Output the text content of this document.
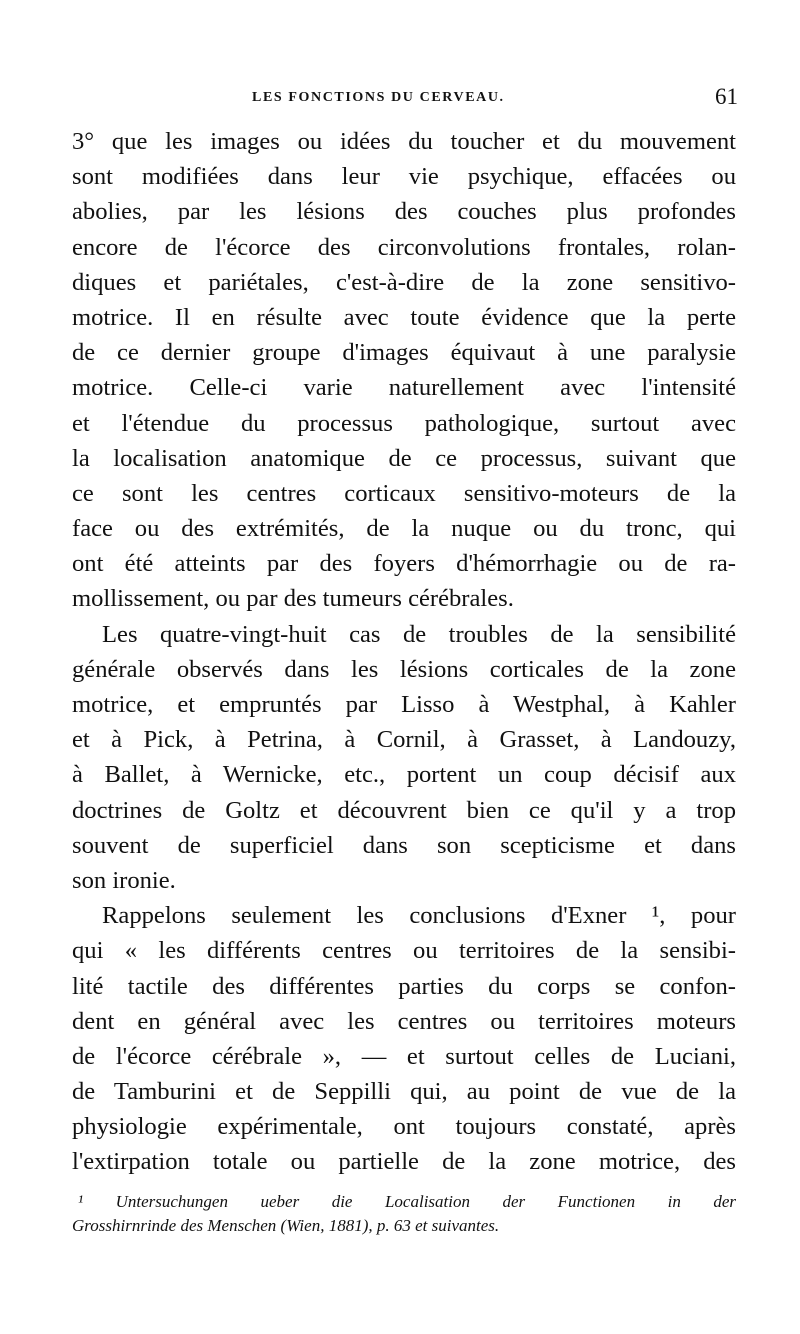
LES FONCTIONS DU CERVEAU.	61
3° que les images ou idées du toucher et du mouvement
sont modifiées dans leur vie psychique, effacées ou
abolies, par les lésions des couches plus profondes
encore de l'écorce des circonvolutions frontales, rolan-
diques et pariétales, c'est-à-dire de la zone sensitivo-
motrice. Il en résulte avec toute évidence que la perte
de ce dernier groupe d'images équivaut à une paralysie
motrice. Celle-ci varie naturellement avec l'intensité
et l'étendue du processus pathologique, surtout avec
la localisation anatomique de ce processus, suivant que
ce sont les centres corticaux sensitivo-moteurs de la
face ou des extrémités, de la nuque ou du tronc, qui
ont été atteints par des foyers d'hémorrhagie ou de ra-
mollissement, ou par des tumeurs cérébrales.
Les quatre-vingt-huit cas de troubles de la sensibilité
générale observés dans les lésions corticales de la zone
motrice, et empruntés par Lisso à Westphal, à Kahler
et à Pick, à Petrina, à Cornil, à Grasset, à Landouzy,
à Ballet, à Wernicke, etc., portent un coup décisif aux
doctrines de Goltz et découvrent bien ce qu'il y a trop
souvent de superficiel dans son scepticisme et dans
son ironie.
Rappelons seulement les conclusions d'Exner ¹, pour
qui « les différents centres ou territoires de la sensibi-
lité tactile des différentes parties du corps se confon-
dent en général avec les centres ou territoires moteurs
de l'écorce cérébrale », — et surtout celles de Luciani,
de Tamburini et de Seppilli qui, au point de vue de la
physiologie expérimentale, ont toujours constaté, après
l'extirpation totale ou partielle de la zone motrice, des
¹ Untersuchungen ueber die Localisation der Functionen in der
Grosshirnrinde des Menschen (Wien, 1881), p. 63 et suivantes.
